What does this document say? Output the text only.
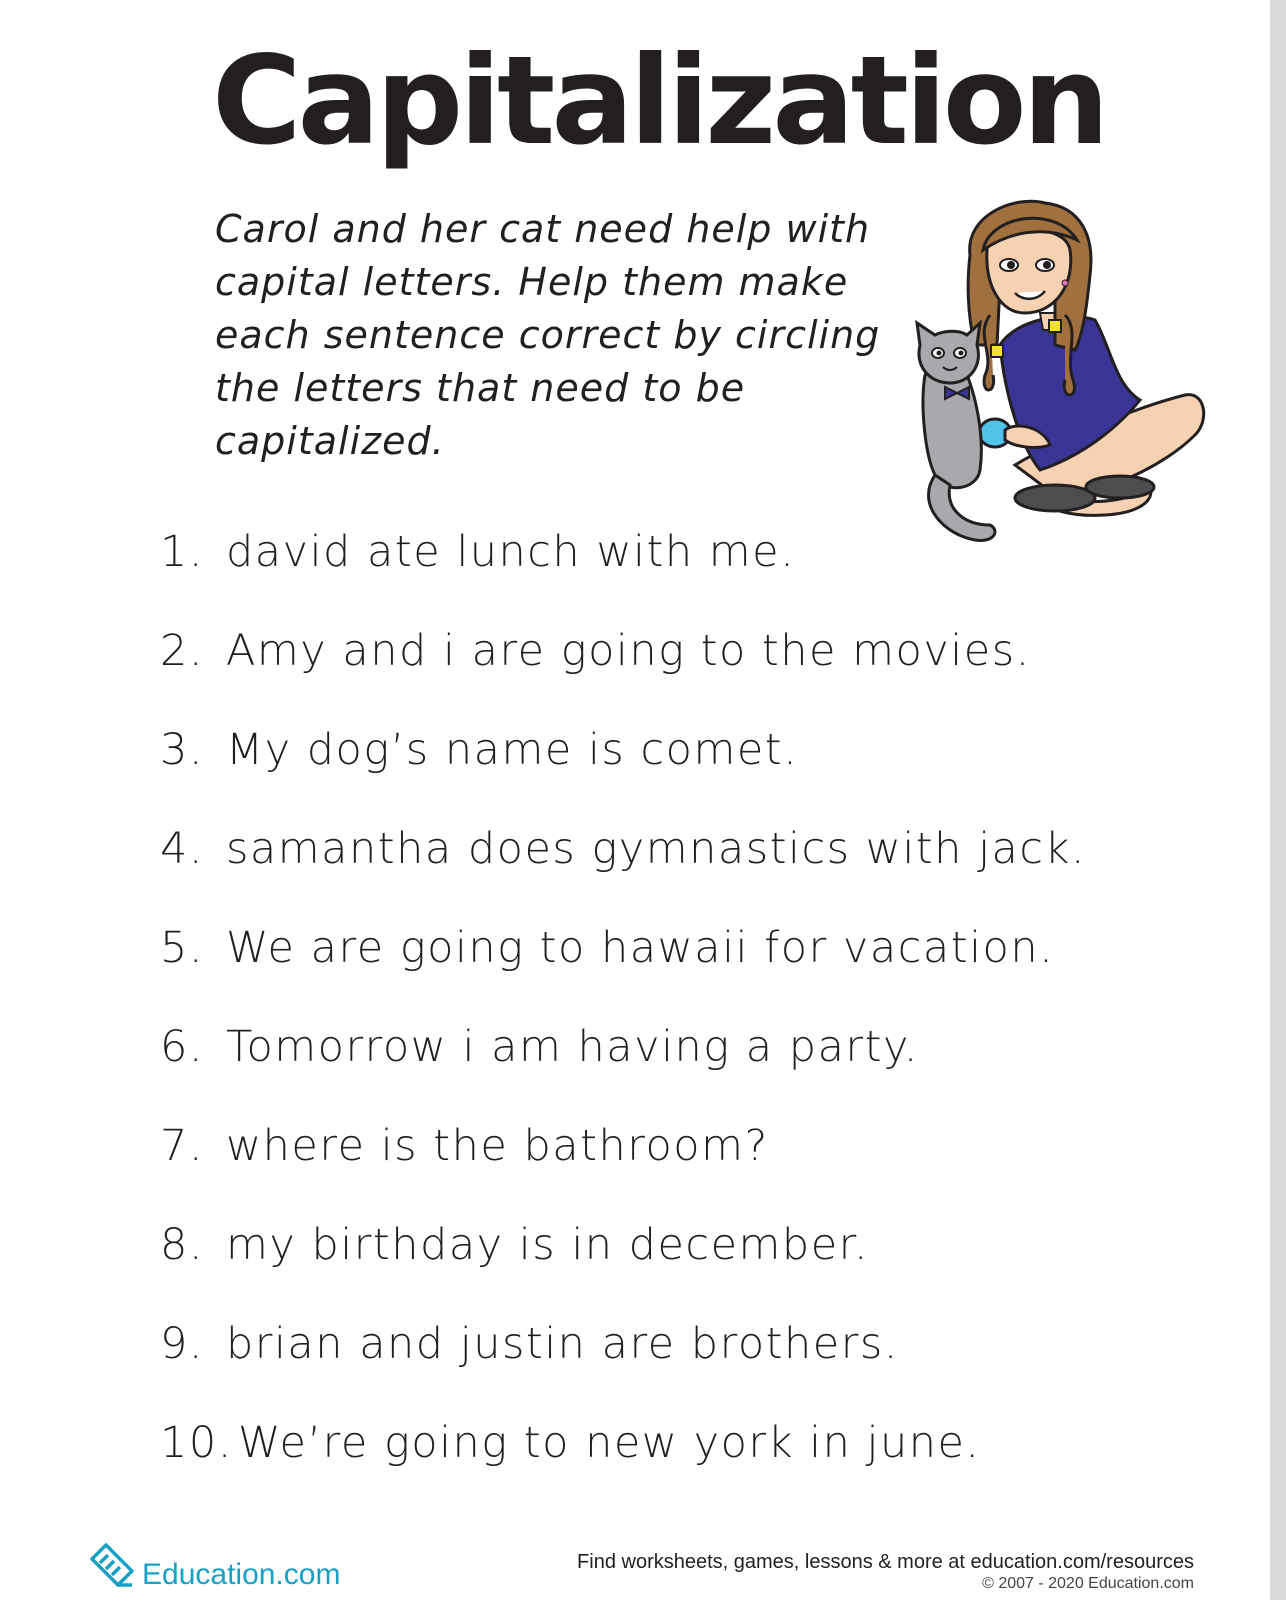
Capitalization

Carol and her cat need help with capital letters. Help them make each sentence correct by circling the letters that need to be capitalized.

1. david ate lunch with me.
2. Amy and i are going to the movies.
3. My dog’s name is comet.
4. samantha does gymnastics with jack.
5. We are going to hawaii for vacation.
6. Tomorrow i am having a party.
7. where is the bathroom?
8. my birthday is in december.
9. brian and justin are brothers.
10. We’re going to new york in june.
Education.com	Find worksheets, games, lessons & more at education.com/resources
© 2007 - 2020 Education.com
